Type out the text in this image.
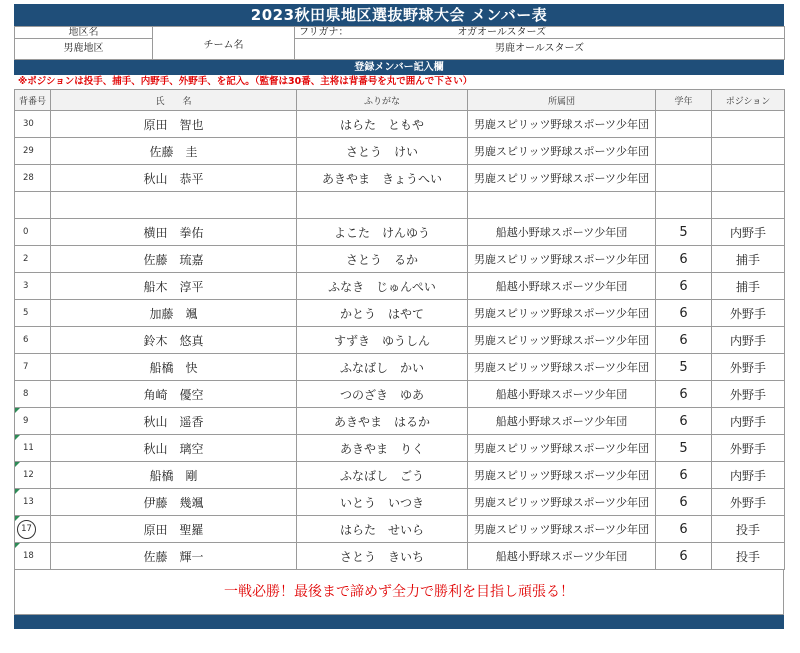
2023秋田県地区選抜野球大会 メンバー表
地区名	チーム名	フリガナ： オガオールスターズ
男鹿地区		男鹿オールスターズ
登録メンバー記入欄
※ポジションは投手、捕手、内野手、外野手、を記入。（監督は30番、主将は背番号を丸で囲んで下さい）
背番号	氏　　名	ふりがな	所属団	学年	ポジション
30	原田　智也	はらた　ともや	男鹿スピリッツ野球スポーツ少年団		
29	佐藤　圭	さとう　けい	男鹿スピリッツ野球スポーツ少年団		
28	秋山　恭平	あきやま　きょうへい	男鹿スピリッツ野球スポーツ少年団		

0	横田　拳佑	よこた　けんゆう	船越小野球スポーツ少年団	5	内野手
2	佐藤　琉嘉	さとう　るか	男鹿スピリッツ野球スポーツ少年団	6	捕手
3	船木　淳平	ふなき　じゅんぺい	船越小野球スポーツ少年団	6	捕手
5	加藤　颯	かとう　はやて	男鹿スピリッツ野球スポーツ少年団	6	外野手
6	鈴木　悠真	すずき　ゆうしん	男鹿スピリッツ野球スポーツ少年団	6	内野手
7	船橋　快	ふなばし　かい	男鹿スピリッツ野球スポーツ少年団	5	外野手
8	角崎　優空	つのざき　ゆあ	船越小野球スポーツ少年団	6	外野手
9	秋山　遥香	あきやま　はるか	船越小野球スポーツ少年団	6	内野手
11	秋山　璃空	あきやま　りく	男鹿スピリッツ野球スポーツ少年団	5	外野手
12	船橋　剛	ふなばし　ごう	男鹿スピリッツ野球スポーツ少年団	6	内野手
13	伊藤　幾颯	いとう　いつき	男鹿スピリッツ野球スポーツ少年団	6	外野手
17	原田　聖羅	はらた　せいら	男鹿スピリッツ野球スポーツ少年団	6	投手
18	佐藤　輝一	さとう　きいち	船越小野球スポーツ少年団	6	投手
一戦必勝！最後まで諦めず全力で勝利を目指し頑張る！
